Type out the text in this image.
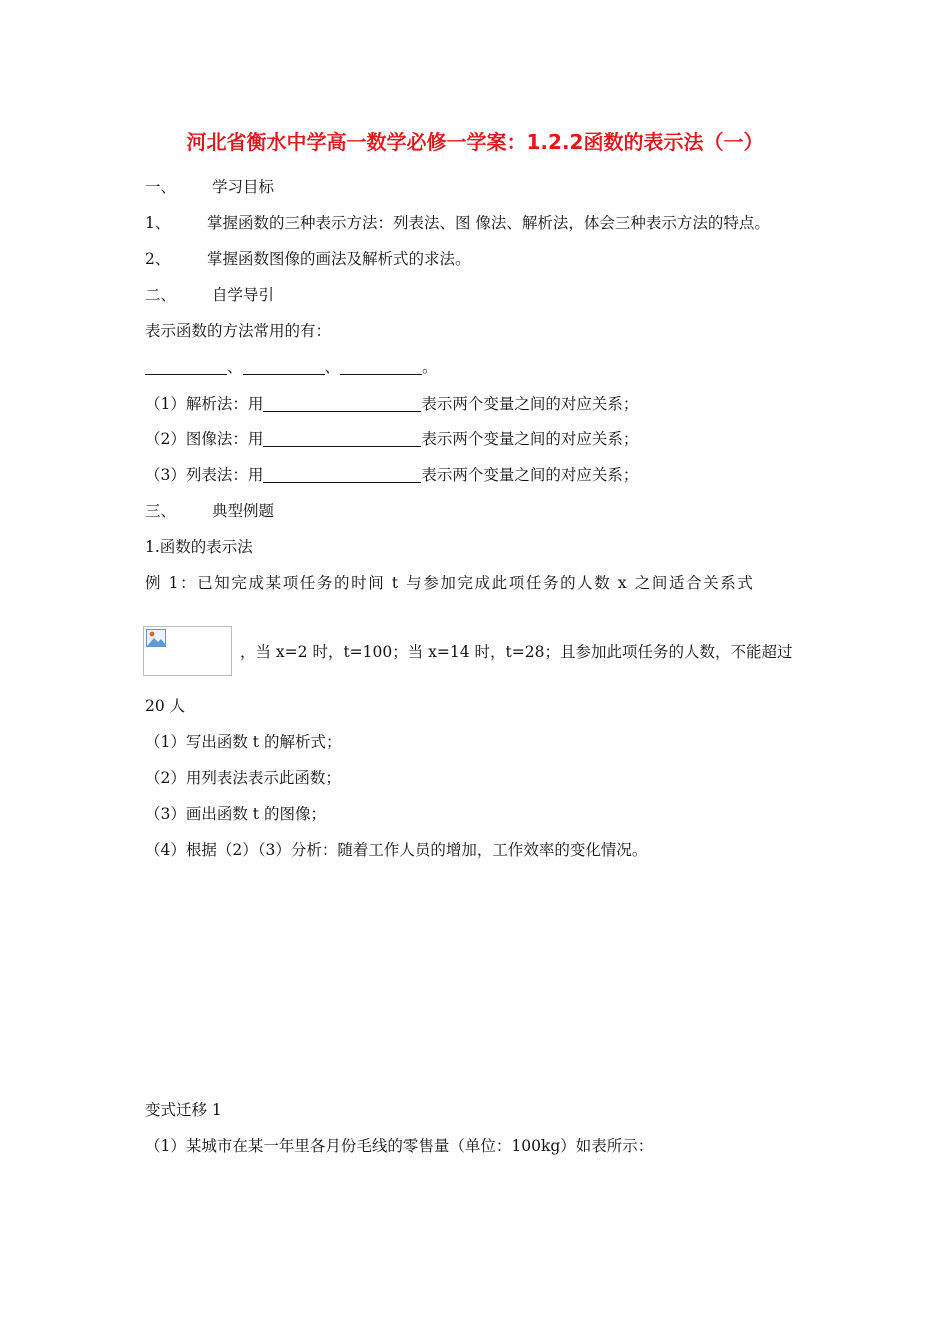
河北省衡水中学高一数学必修一学案：1.2.2函数的表示法（一）
一、 学习目标
1、 掌握函数的三种表示方法：列表法、图 像法、解析法，体会三种表示方法的特点。
2、 掌握函数图像的画法及解析式的求法。
二、 自学导引
表示函数的方法常用的有：
、	、	。
（1）解析法：用	表示两个变量之间的对应关系；
（2）图像法：用	表示两个变量之间的对应关系；
（3）列表法：用	表示两个变量之间的对应关系；
三、 典型例题
1.函数的表示法
例 1：已知完成某项任务的时间 t 与参加完成此项任务的人数 x 之间适合关系式
，当 x=2 时，t=100；当 x=14 时，t=28；且参加此项任务的人数，不能超过
20 人
（1）写出函数 t 的解析式；
（2）用列表法表示此函数；
（3）画出函数 t 的图像；
（4）根据（2）（3）分析：随着工作人员的增加，工作效率的变化情况。
变式迁移 1
（1）某城市在某一年里各月份毛线的零售量（单位：100kg）如表所示：
